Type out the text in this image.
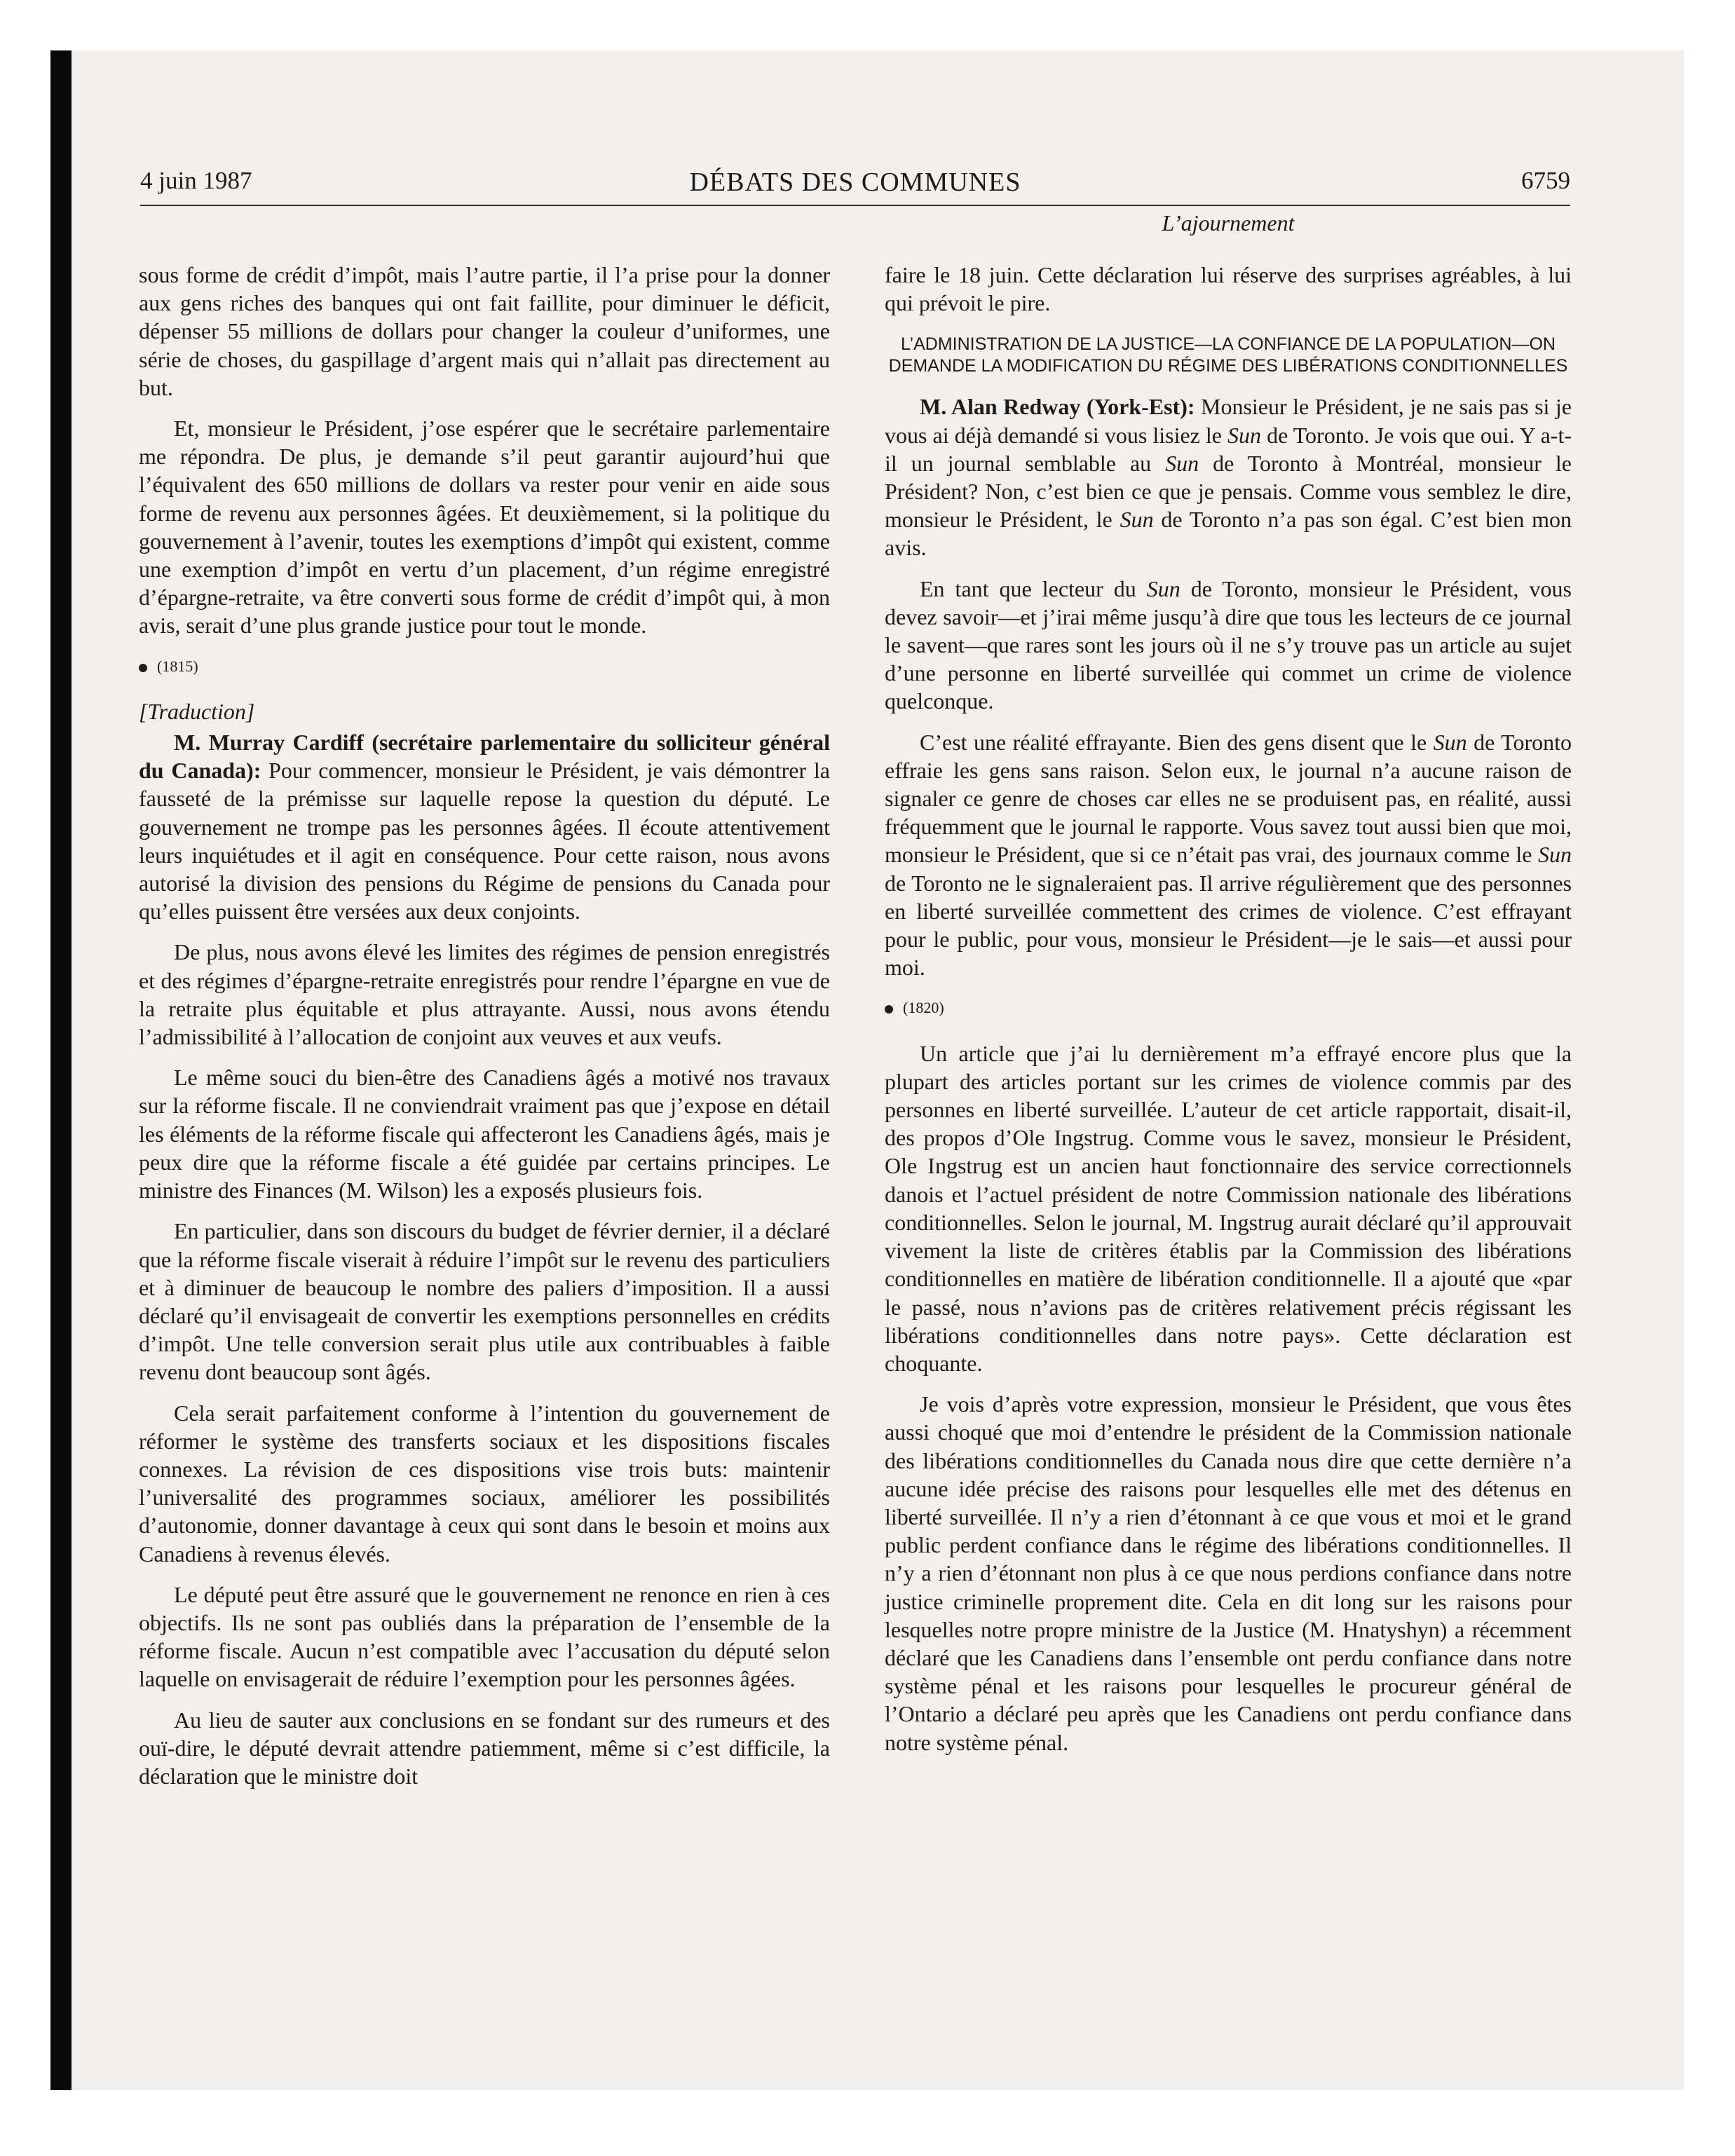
4 juin 1987	DÉBATS DES COMMUNES	6759
L’ajournement

sous forme de crédit d’impôt, mais l’autre partie, il l’a prise pour la donner aux gens riches des banques qui ont fait faillite, pour diminuer le déficit, dépenser 55 millions de dollars pour changer la couleur d’uniformes, une série de choses, du gaspillage d’argent mais qui n’allait pas directement au but.

Et, monsieur le Président, j’ose espérer que le secrétaire parlementaire me répondra. De plus, je demande s’il peut garantir aujourd’hui que l’équivalent des 650 millions de dollars va rester pour venir en aide sous forme de revenu aux personnes âgées. Et deuxièmement, si la politique du gouvernement à l’avenir, toutes les exemptions d’impôt qui existent, comme une exemption d’impôt en vertu d’un placement, d’un régime enregistré d’épargne-retraite, va être converti sous forme de crédit d’impôt qui, à mon avis, serait d’une plus grande justice pour tout le monde.

(1815)
[Traduction]

M. Murray Cardiff (secrétaire parlementaire du solliciteur général du Canada): Pour commencer, monsieur le Président, je vais démontrer la fausseté de la prémisse sur laquelle repose la question du député. Le gouvernement ne trompe pas les personnes âgées. Il écoute attentivement leurs inquiétudes et il agit en conséquence. Pour cette raison, nous avons autorisé la division des pensions du Régime de pensions du Canada pour qu’elles puissent être versées aux deux conjoints.

De plus, nous avons élevé les limites des régimes de pension enregistrés et des régimes d’épargne-retraite enregistrés pour rendre l’épargne en vue de la retraite plus équitable et plus attrayante. Aussi, nous avons étendu l’admissibilité à l’allocation de conjoint aux veuves et aux veufs.

Le même souci du bien-être des Canadiens âgés a motivé nos travaux sur la réforme fiscale. Il ne conviendrait vraiment pas que j’expose en détail les éléments de la réforme fiscale qui affecteront les Canadiens âgés, mais je peux dire que la réforme fiscale a été guidée par certains principes. Le ministre des Finances (M. Wilson) les a exposés plusieurs fois.

En particulier, dans son discours du budget de février dernier, il a déclaré que la réforme fiscale viserait à réduire l’impôt sur le revenu des particuliers et à diminuer de beaucoup le nombre des paliers d’imposition. Il a aussi déclaré qu’il envisageait de convertir les exemptions personnelles en crédits d’impôt. Une telle conversion serait plus utile aux contribuables à faible revenu dont beaucoup sont âgés.

Cela serait parfaitement conforme à l’intention du gouvernement de réformer le système des transferts sociaux et les dispositions fiscales connexes. La révision de ces dispositions vise trois buts: maintenir l’universalité des programmes sociaux, améliorer les possibilités d’autonomie, donner davantage à ceux qui sont dans le besoin et moins aux Canadiens à revenus élevés.

Le député peut être assuré que le gouvernement ne renonce en rien à ces objectifs. Ils ne sont pas oubliés dans la préparation de l’ensemble de la réforme fiscale. Aucun n’est compatible avec l’accusation du député selon laquelle on envisagerait de réduire l’exemption pour les personnes âgées.

Au lieu de sauter aux conclusions en se fondant sur des rumeurs et des ouï-dire, le député devrait attendre patiemment, même si c’est difficile, la déclaration que le ministre doit

faire le 18 juin. Cette déclaration lui réserve des surprises agréables, à lui qui prévoit le pire.

L’ADMINISTRATION DE LA JUSTICE—LA CONFIANCE DE LA POPULATION—ON DEMANDE LA MODIFICATION DU RÉGIME DES LIBÉRATIONS CONDITIONNELLES

M. Alan Redway (York-Est): Monsieur le Président, je ne sais pas si je vous ai déjà demandé si vous lisiez le Sun de Toronto. Je vois que oui. Y a-t-il un journal semblable au Sun de Toronto à Montréal, monsieur le Président? Non, c’est bien ce que je pensais. Comme vous semblez le dire, monsieur le Président, le Sun de Toronto n’a pas son égal. C’est bien mon avis.

En tant que lecteur du Sun de Toronto, monsieur le Président, vous devez savoir—et j’irai même jusqu’à dire que tous les lecteurs de ce journal le savent—que rares sont les jours où il ne s’y trouve pas un article au sujet d’une personne en liberté surveillée qui commet un crime de violence quelconque.

C’est une réalité effrayante. Bien des gens disent que le Sun de Toronto effraie les gens sans raison. Selon eux, le journal n’a aucune raison de signaler ce genre de choses car elles ne se produisent pas, en réalité, aussi fréquemment que le journal le rapporte. Vous savez tout aussi bien que moi, monsieur le Président, que si ce n’était pas vrai, des journaux comme le Sun de Toronto ne le signaleraient pas. Il arrive régulièrement que des personnes en liberté surveillée commettent des crimes de violence. C’est effrayant pour le public, pour vous, monsieur le Président—je le sais—et aussi pour moi.

(1820)

Un article que j’ai lu dernièrement m’a effrayé encore plus que la plupart des articles portant sur les crimes de violence commis par des personnes en liberté surveillée. L’auteur de cet article rapportait, disait-il, des propos d’Ole Ingstrug. Comme vous le savez, monsieur le Président, Ole Ingstrug est un ancien haut fonctionnaire des service correctionnels danois et l’actuel président de notre Commission nationale des libérations conditionnelles. Selon le journal, M. Ingstrug aurait déclaré qu’il approuvait vivement la liste de critères établis par la Commission des libérations conditionnelles en matière de libération conditionnelle. Il a ajouté que «par le passé, nous n’avions pas de critères relativement précis régissant les libérations conditionnelles dans notre pays». Cette déclaration est choquante.

Je vois d’après votre expression, monsieur le Président, que vous êtes aussi choqué que moi d’entendre le président de la Commission nationale des libérations conditionnelles du Canada nous dire que cette dernière n’a aucune idée précise des raisons pour lesquelles elle met des détenus en liberté surveillée. Il n’y a rien d’étonnant à ce que vous et moi et le grand public perdent confiance dans le régime des libérations conditionnelles. Il n’y a rien d’étonnant non plus à ce que nous perdions confiance dans notre justice criminelle proprement dite. Cela en dit long sur les raisons pour lesquelles notre propre ministre de la Justice (M. Hnatyshyn) a récemment déclaré que les Canadiens dans l’ensemble ont perdu confiance dans notre système pénal et les raisons pour lesquelles le procureur général de l’Ontario a déclaré peu après que les Canadiens ont perdu confiance dans notre système pénal.
